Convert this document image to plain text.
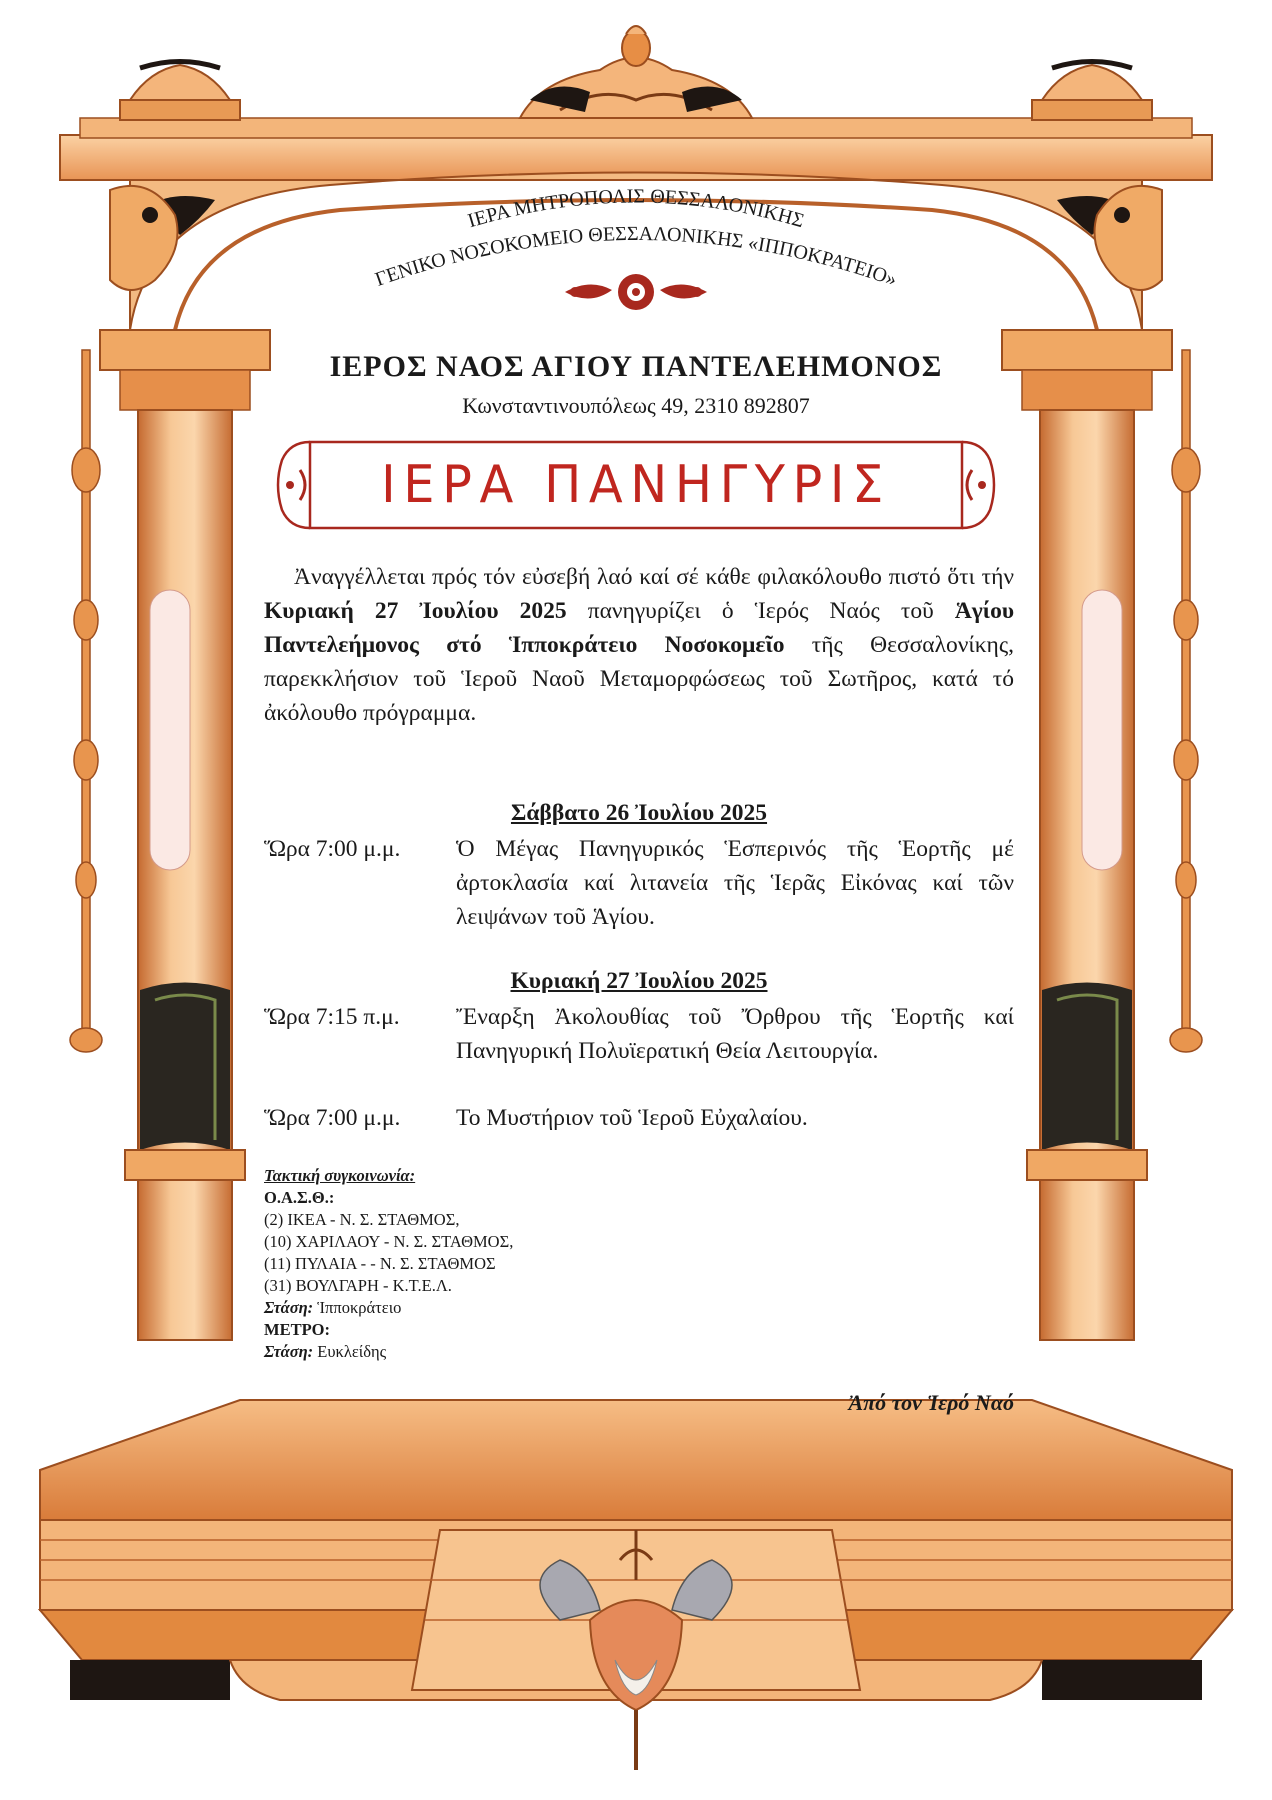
ΙΕΡΑ ΜΗΤΡΟΠΟΛΙΣ ΘΕΣΣΑΛΟΝΙΚΗΣ
ΓΕΝΙΚΟ ΝΟΣΟΚΟΜΕΙΟ ΘΕΣΣΑΛΟΝΙΚΗΣ «ΙΠΠΟΚΡΑΤΕΙΟ»
ΙΕΡΟΣ ΝΑΟΣ ΑΓΙΟΥ ΠΑΝΤΕΛΕΗΜΟΝΟΣ
Κωνσταντινουπόλεως 49, 2310 892807
ΙΕΡΑ ΠΑΝΗΓΥΡΙΣ
Ἀναγγέλλεται πρός τόν εὐσεβή λαό καί σέ κάθε φιλακόλουθο πιστό ὅτι τήν Κυριακή 27 Ἰουλίου 2025 πανηγυρίζει ὁ Ἱερός Ναός τοῦ Ἁγίου Παντελεήμονος στό Ἱπποκράτειο Νοσοκομεῖο τῆς Θεσσαλονίκης, παρεκκλήσιον τοῦ Ἱεροῦ Ναοῦ Μεταμορφώσεως τοῦ Σωτῆρος, κατά τό ἀκόλουθο πρόγραμμα.
Σάββατο 26 Ἰουλίου 2025
Ὥρα 7:00 μ.μ.	Ὁ Μέγας Πανηγυρικός Ἑσπερινός τῆς Ἑορτῆς μέ ἀρτοκλασία καί λιτανεία τῆς Ἱερᾶς Εἰκόνας καί τῶν λειψάνων τοῦ Ἁγίου.
Κυριακή 27 Ἰουλίου 2025
Ὥρα 7:15 π.μ.	Ἔναρξη Ἀκολουθίας τοῦ Ὄρθρου τῆς Ἑορτῆς καί Πανηγυρική Πολυϊερατική Θεία Λειτουργία.
Ὥρα 7:00 μ.μ.	Το Μυστήριον τοῦ Ἱεροῦ Εὐχαλαίου.
Τακτική συγκοινωνία:
Ο.Α.Σ.Θ.:
(2) ΙΚΕΑ - Ν. Σ. ΣΤΑΘΜΟΣ,
(10) ΧΑΡΙΛΑΟΥ - Ν. Σ. ΣΤΑΘΜΟΣ,
(11) ΠΥΛΑΙΑ - - Ν. Σ. ΣΤΑΘΜΟΣ
(31) ΒΟΥΛΓΑΡΗ - Κ.Τ.Ε.Λ.
Στάση: Ἱπποκράτειο
ΜΕΤΡΟ:
Στάση: Ευκλείδης
Ἀπό τον Ἱερό Ναό
